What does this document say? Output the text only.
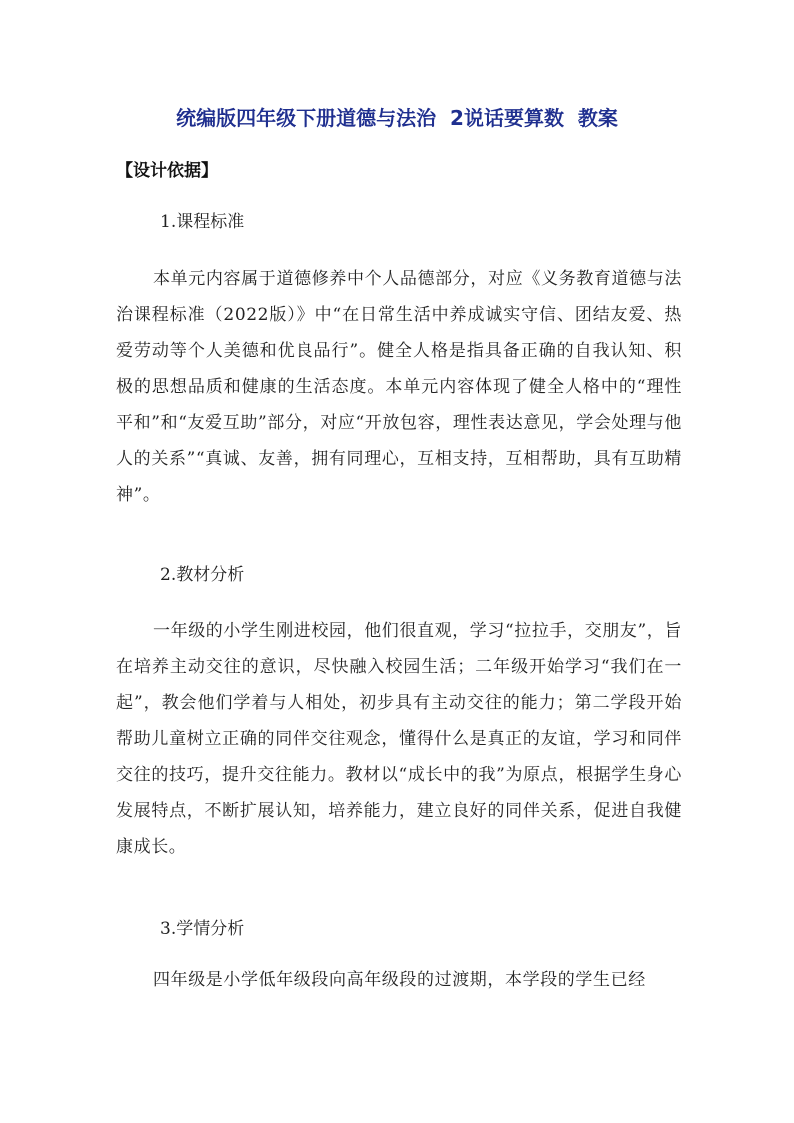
统编版四年级下册道德与法治  2说话要算数  教案
【设计依据】
1.课程标准
本单元内容属于道德修养中个人品德部分，对应《义务教育道德与法治课程标准（2022版）》中“在日常生活中养成诚实守信、团结友爱、热爱劳动等个人美德和优良品行”。健全人格是指具备正确的自我认知、积极的思想品质和健康的生活态度。本单元内容体现了健全人格中的“理性平和”和“友爱互助”部分，对应“开放包容，理性表达意见，学会处理与他人的关系”“真诚、友善，拥有同理心，互相支持，互相帮助，具有互助精神”。
2.教材分析
一年级的小学生刚进校园，他们很直观，学习“拉拉手，交朋友”，旨在培养主动交往的意识，尽快融入校园生活；二年级开始学习“我们在一起”，教会他们学着与人相处，初步具有主动交往的能力；第二学段开始帮助儿童树立正确的同伴交往观念，懂得什么是真正的友谊，学习和同伴交往的技巧，提升交往能力。教材以“成长中的我”为原点，根据学生身心发展特点，不断扩展认知，培养能力，建立良好的同伴关系，促进自我健康成长。
3.学情分析
四年级是小学低年级段向高年级段的过渡期，本学段的学生已经
